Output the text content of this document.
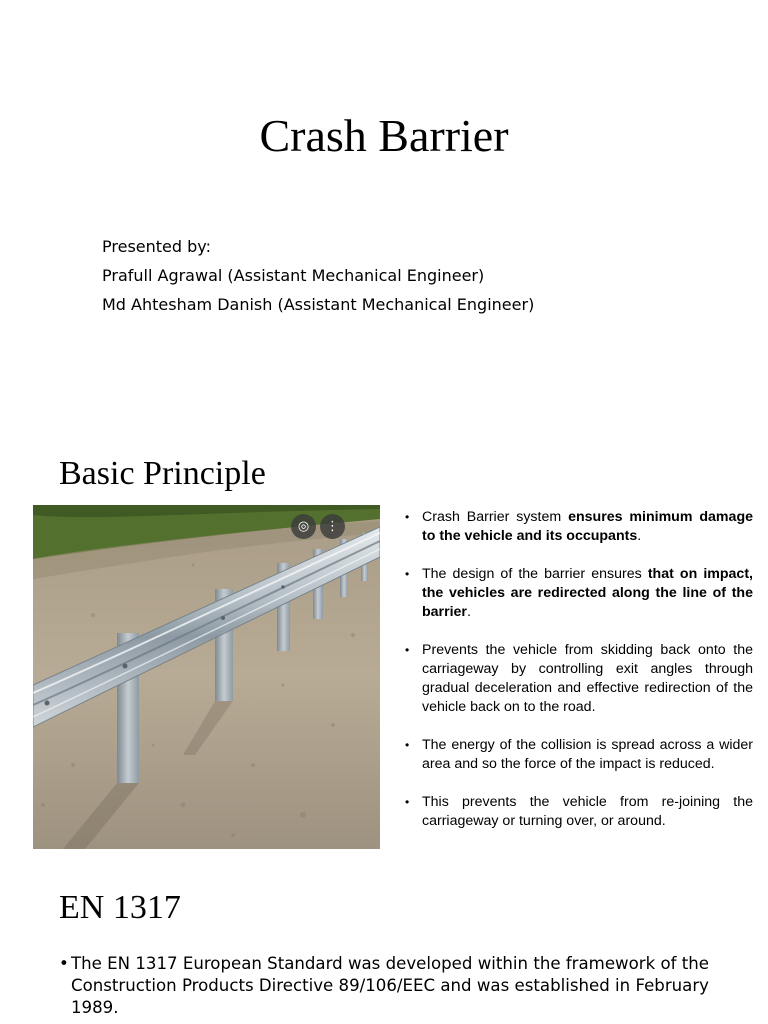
Crash Barrier
Presented by:
Prafull Agrawal (Assistant Mechanical Engineer)
Md Ahtesham Danish (Assistant Mechanical Engineer)
Basic Principle
◎	⋮
• Crash Barrier system ensures minimum damage to the vehicle and its occupants.
• The design of the barrier ensures that on impact, the vehicles are redirected along the line of the barrier.
• Prevents the vehicle from skidding back onto the carriageway by controlling exit angles through gradual deceleration and effective redirection of the vehicle back on to the road.
• The energy of the collision is spread across a wider area and so the force of the impact is reduced.
• This prevents the vehicle from re-joining the carriageway or turning over, or around.
EN 1317
• The EN 1317 European Standard was developed within the framework of the Construction Products Directive 89/106/EEC and was established in February 1989.
